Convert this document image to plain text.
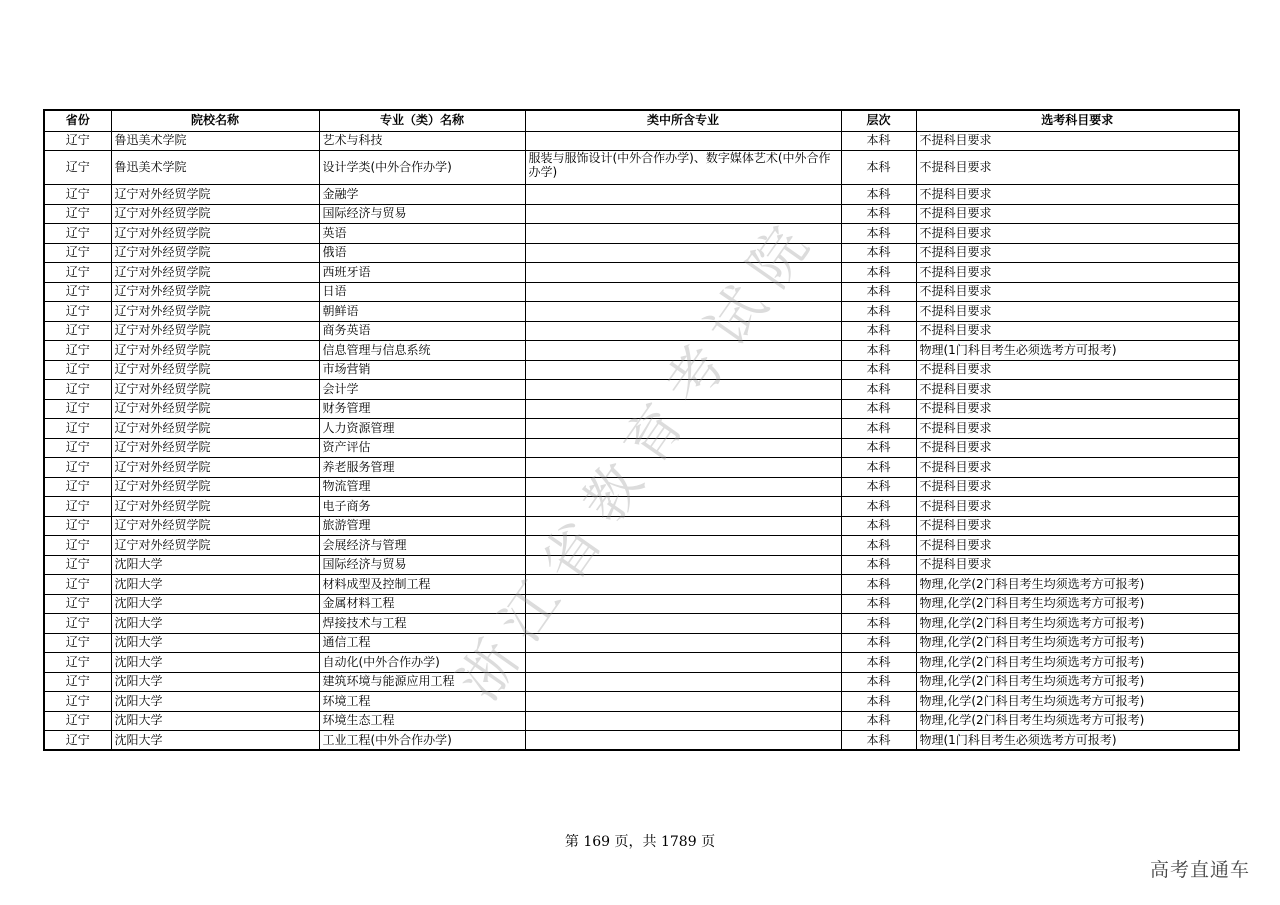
省份	院校名称	专业（类）名称	类中所含专业	层次	选考科目要求
辽宁	鲁迅美术学院	艺术与科技		本科	不提科目要求
辽宁	鲁迅美术学院	设计学类(中外合作办学)	服装与服饰设计(中外合作办学)、数字媒体艺术(中外合作办学)	本科	不提科目要求
辽宁	辽宁对外经贸学院	金融学		本科	不提科目要求
辽宁	辽宁对外经贸学院	国际经济与贸易		本科	不提科目要求
辽宁	辽宁对外经贸学院	英语		本科	不提科目要求
辽宁	辽宁对外经贸学院	俄语		本科	不提科目要求
辽宁	辽宁对外经贸学院	西班牙语		本科	不提科目要求
辽宁	辽宁对外经贸学院	日语		本科	不提科目要求
辽宁	辽宁对外经贸学院	朝鲜语		本科	不提科目要求
辽宁	辽宁对外经贸学院	商务英语		本科	不提科目要求
辽宁	辽宁对外经贸学院	信息管理与信息系统		本科	物理(1门科目考生必须选考方可报考)
辽宁	辽宁对外经贸学院	市场营销		本科	不提科目要求
辽宁	辽宁对外经贸学院	会计学		本科	不提科目要求
辽宁	辽宁对外经贸学院	财务管理		本科	不提科目要求
辽宁	辽宁对外经贸学院	人力资源管理		本科	不提科目要求
辽宁	辽宁对外经贸学院	资产评估		本科	不提科目要求
辽宁	辽宁对外经贸学院	养老服务管理		本科	不提科目要求
辽宁	辽宁对外经贸学院	物流管理		本科	不提科目要求
辽宁	辽宁对外经贸学院	电子商务		本科	不提科目要求
辽宁	辽宁对外经贸学院	旅游管理		本科	不提科目要求
辽宁	辽宁对外经贸学院	会展经济与管理		本科	不提科目要求
辽宁	沈阳大学	国际经济与贸易		本科	不提科目要求
辽宁	沈阳大学	材料成型及控制工程		本科	物理,化学(2门科目考生均须选考方可报考)
辽宁	沈阳大学	金属材料工程		本科	物理,化学(2门科目考生均须选考方可报考)
辽宁	沈阳大学	焊接技术与工程		本科	物理,化学(2门科目考生均须选考方可报考)
辽宁	沈阳大学	通信工程		本科	物理,化学(2门科目考生均须选考方可报考)
辽宁	沈阳大学	自动化(中外合作办学)		本科	物理,化学(2门科目考生均须选考方可报考)
辽宁	沈阳大学	建筑环境与能源应用工程		本科	物理,化学(2门科目考生均须选考方可报考)
辽宁	沈阳大学	环境工程		本科	物理,化学(2门科目考生均须选考方可报考)
辽宁	沈阳大学	环境生态工程		本科	物理,化学(2门科目考生均须选考方可报考)
辽宁	沈阳大学	工业工程(中外合作办学)		本科	物理(1门科目考生必须选考方可报考)
浙江省教育考试院
第 169 页，共 1789 页
高考直通车
